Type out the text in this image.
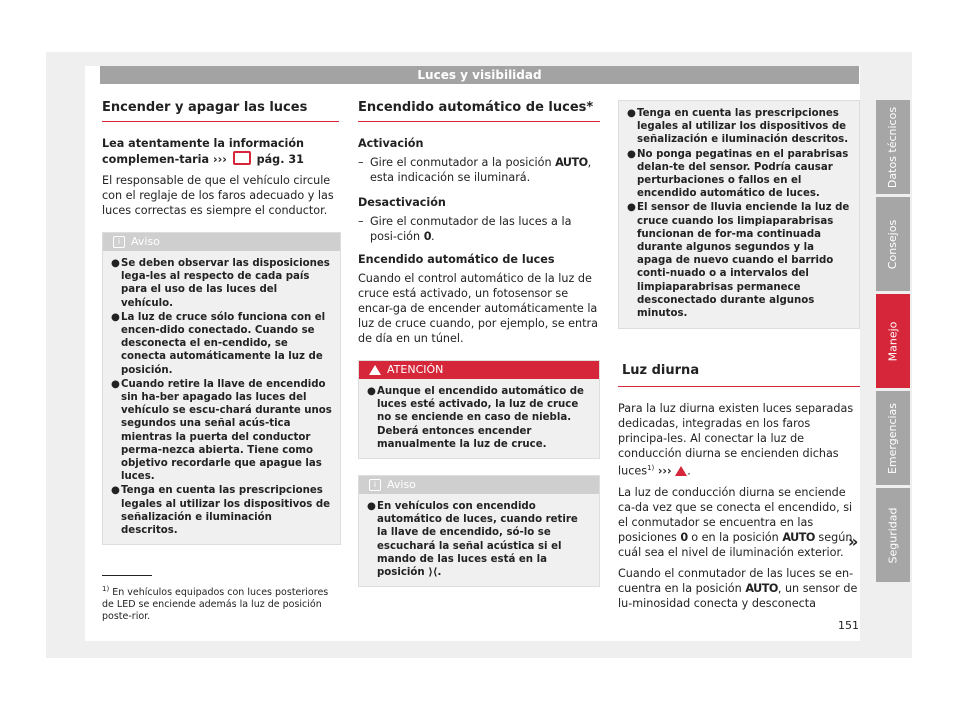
Luces y visibilidad
Datos técnicos
Consejos
Manejo
Emergencias
Seguridad

Encender y apagar las luces

Lea atentamente la información complemen-taria ›››	pág. 31

El responsable de que el vehículo circule con el reglaje de los faros adecuado y las luces correctas es siempre el conductor.

i Aviso
● Se deben observar las disposiciones lega-les al respecto de cada país para el uso de las luces del vehículo.
● La luz de cruce sólo funciona con el encen-dido conectado. Cuando se desconecta el en-cendido, se conecta automáticamente la luz de posición.
● Cuando retire la llave de encendido sin ha-ber apagado las luces del vehículo se escu-chará durante unos segundos una señal acús-tica mientras la puerta del conductor perma-nezca abierta. Tiene como objetivo recordarle que apague las luces.
● Tenga en cuenta las prescripciones legales al utilizar los dispositivos de señalización e iluminación descritos.

Encendido automático de luces*

Activación

– Gire el conmutador a la posición AUTO, esta indicación se iluminará.

Desactivación

– Gire el conmutador de las luces a la posi-ción 0.

Encendido automático de luces

Cuando el control automático de la luz de cruce está activado, un fotosensor se encar-ga de encender automáticamente la luz de cruce cuando, por ejemplo, se entra de día en un túnel.

ATENCIÓN
● Aunque el encendido automático de luces esté activado, la luz de cruce no se enciende en caso de niebla. Deberá entonces encender manualmente la luz de cruce.
i Aviso
● En vehículos con encendido automático de luces, cuando retire la llave de encendido, só-lo se escuchará la señal acústica si el mando de las luces está en la posición ⟩⟨.
● Tenga en cuenta las prescripciones legales al utilizar los dispositivos de señalización e iluminación descritos.
● No ponga pegatinas en el parabrisas delan-te del sensor. Podría causar perturbaciones o fallos en el encendido automático de luces.
● El sensor de lluvia enciende la luz de cruce cuando los limpiaparabrisas funcionan de for-ma continuada durante algunos segundos y la apaga de nuevo cuando el barrido conti-nuado o a intervalos del limpiaparabrisas permanece desconectado durante algunos minutos.

Luz diurna

Para la luz diurna existen luces separadas dedicadas, integradas en los faros principa-les. Al conectar la luz de conducción diurna se encienden dichas luces$^{1)}$ ››› .

La luz de conducción diurna se enciende ca-da vez que se conecta el encendido, si el conmutador se encuentra en las posiciones 0 o en la posición AUTO según cuál sea el nivel de iluminación exterior.

Cuando el conmutador de las luces se en-cuentra en la posición AUTO, un sensor de lu-minosidad conecta y desconecta

»
$^{1)}$ En vehículos equipados con luces posteriores de LED se enciende además la luz de posición poste-rior.
151
